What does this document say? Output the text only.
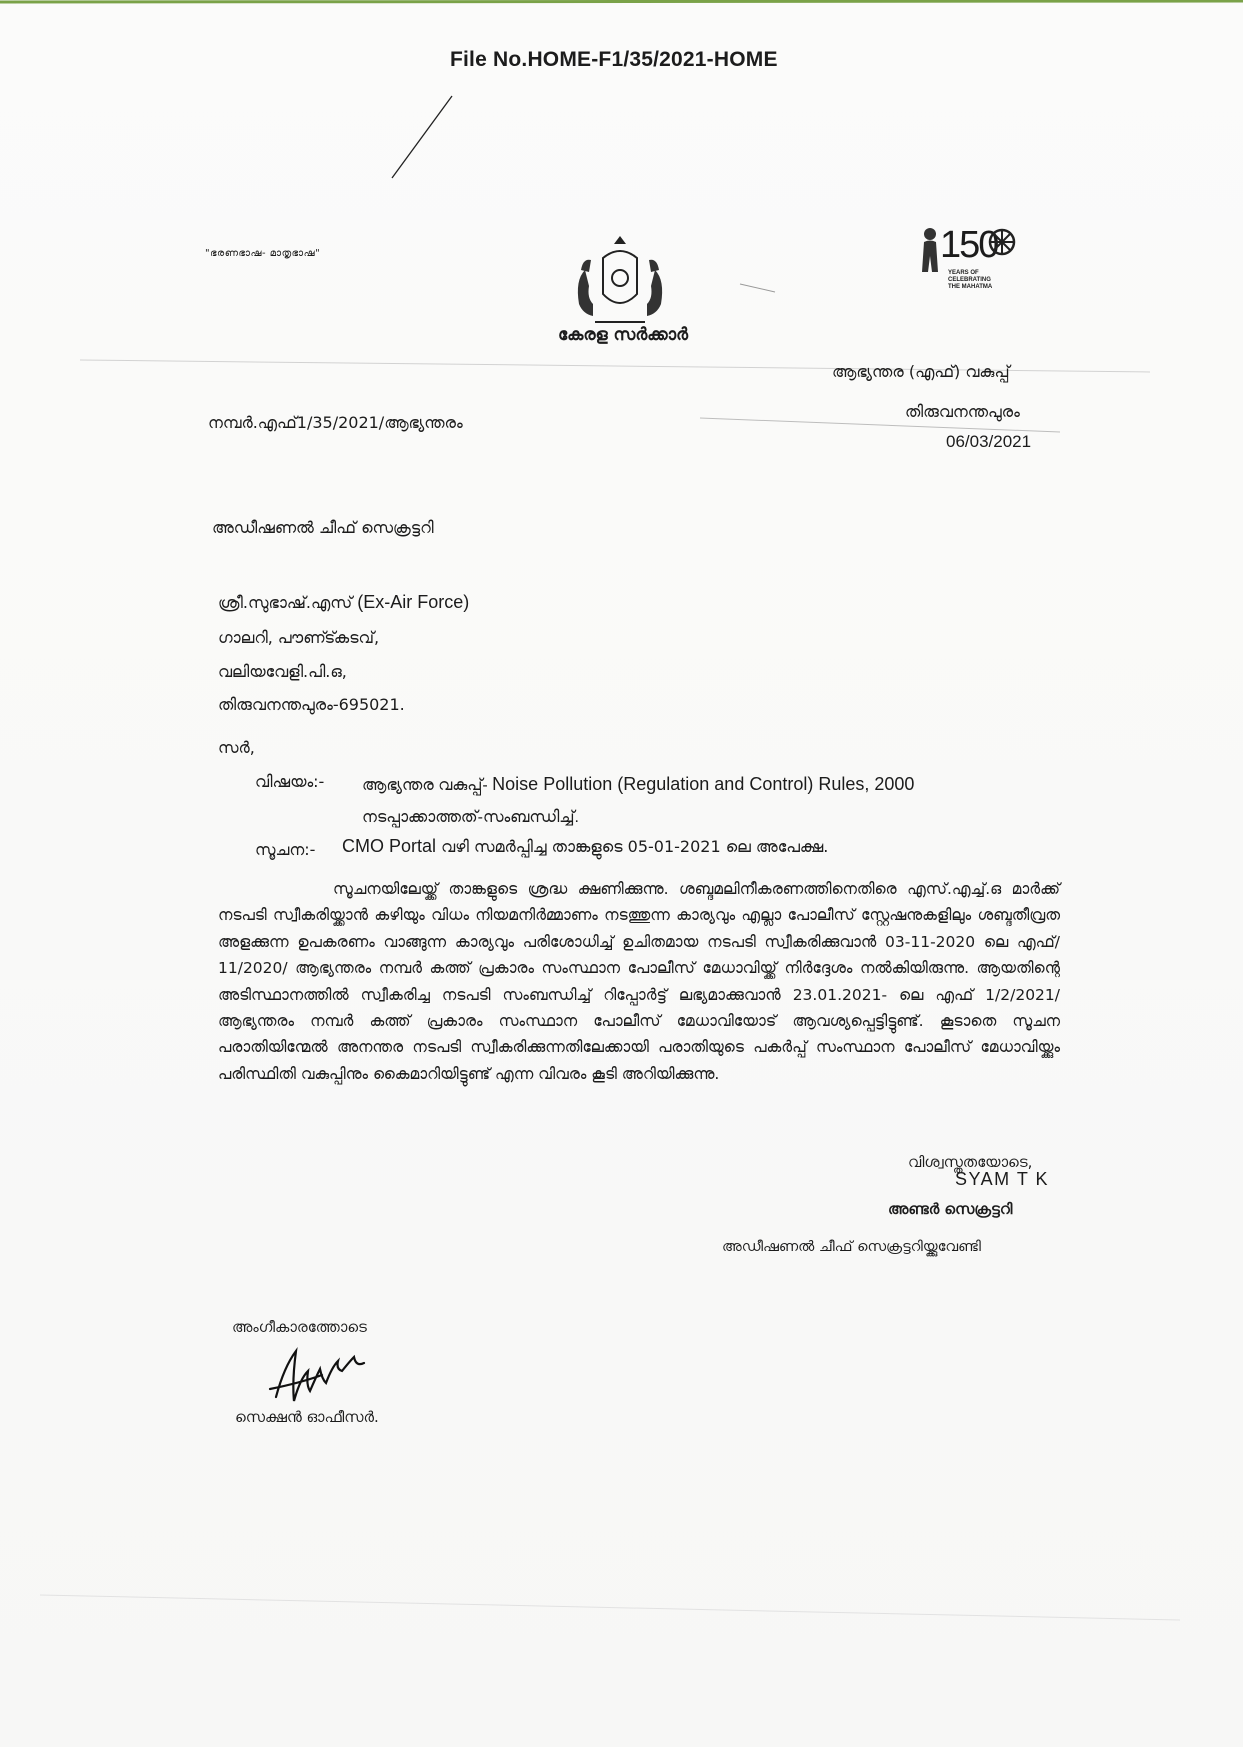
File No.HOME-F1/35/2021-HOME
"ഭരണഭാഷ- മാതൃഭാഷ"
കേരള സർക്കാർ
150
YEARS OF
CELEBRATING
THE MAHATMA
ആഭ്യന്തര (എഫ്) വകുപ്പ്
നമ്പർ.എഫ്1/35/2021/ആഭ്യന്തരം
തിരുവനന്തപുരം
06/03/2021
അഡീഷണൽ ചീഫ് സെക്രട്ടറി
ശ്രീ.സുഭാഷ്.എസ് (Ex-Air Force)
ഗാലറി, പൗണ്ട്കടവ്,
വലിയവേളി.പി.ഒ,
തിരുവനന്തപുരം-695021.
സർ,
വിഷയം:- ആഭ്യന്തര വകുപ്പ്- Noise Pollution (Regulation and Control) Rules, 2000
നടപ്പാക്കാത്തത്-സംബന്ധിച്ച്.
സൂചന:- CMO Portal വഴി സമർപ്പിച്ച താങ്കളുടെ 05-01-2021 ലെ അപേക്ഷ.
സൂചനയിലേയ്ക്ക് താങ്കളുടെ ശ്രദ്ധ ക്ഷണിക്കുന്നു. ശബ്ദമലിനീകരണത്തിനെതിരെ എസ്.എച്ച്.ഒ മാർക്ക് നടപടി സ്വീകരിയ്ക്കാൻ കഴിയും വിധം നിയമനിർമ്മാണം നടത്തുന്ന കാര്യവും എല്ലാ പോലീസ് സ്റ്റേഷനുകളിലും ശബ്ദതീവ്രത അളക്കുന്ന ഉപകരണം വാങ്ങുന്ന കാര്യവും പരിശോധിച്ച് ഉചിതമായ നടപടി സ്വീകരിക്കുവാൻ 03-11-2020 ലെ എഫ്/ 11/2020/ ആഭ്യന്തരം നമ്പർ കത്ത് പ്രകാരം സംസ്ഥാന പോലീസ് മേധാവിയ്ക്ക് നിർദ്ദേശം നൽകിയിരുന്നു. ആയതിന്റെ അടിസ്ഥാനത്തിൽ സ്വീകരിച്ച നടപടി സംബന്ധിച്ച് റിപ്പോർട്ട് ലഭ്യമാക്കുവാൻ 23.01.2021- ലെ എഫ് 1/2/2021/ ആഭ്യന്തരം നമ്പർ കത്ത് പ്രകാരം സംസ്ഥാന പോലീസ് മേധാവിയോട് ആവശ്യപ്പെട്ടിട്ടുണ്ട്. കൂടാതെ സൂചന പരാതിയിന്മേൽ അനന്തര നടപടി സ്വീകരിക്കുന്നതിലേക്കായി പരാതിയുടെ പകർപ്പ് സംസ്ഥാന പോലീസ് മേധാവിയ്ക്കും പരിസ്ഥിതി വകുപ്പിനും കൈമാറിയിട്ടുണ്ട് എന്ന വിവരം കൂടി അറിയിക്കുന്നു.
വിശ്വസ്തതയോടെ,
SYAM T K
അണ്ടർ സെക്രട്ടറി
അഡീഷണൽ ചീഫ് സെക്രട്ടറിയ്ക്കുവേണ്ടി
അംഗീകാരത്തോടെ
സെക്ഷൻ ഓഫീസർ.
